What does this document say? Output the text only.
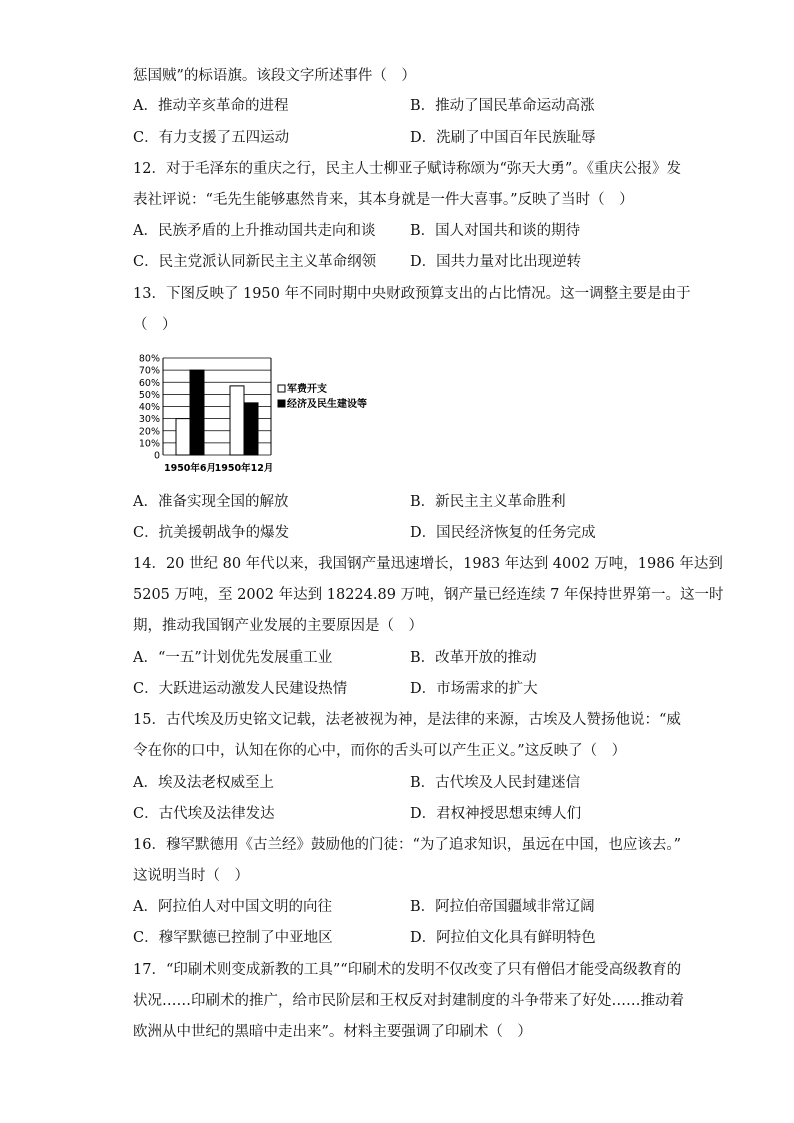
惩国贼”的标语旗。该段文字所述事件（　）
A．推动辛亥革命的进程	B．推动了国民革命运动高涨
C．有力支援了五四运动	D．洗刷了中国百年民族耻辱
12．对于毛泽东的重庆之行，民主人士柳亚子赋诗称颂为“弥天大勇”。《重庆公报》发
表社评说：“毛先生能够惠然肯来，其本身就是一件大喜事。”反映了当时（　）
A．民族矛盾的上升推动国共走向和谈 B．国人对国共和谈的期待
C．民主党派认同新民主主义革命纲领 D．国共力量对比出现逆转
13．下图反映了 1950 年不同时期中央财政预算支出的占比情况。这一调整主要是由于
（　）
0
10%
20%
30%
40%
50%
60%
70%
80%
1950年6月
1950年12月
军费开支
经济及民生建设等
A．准备实现全国的解放	B．新民主主义革命胜利
C．抗美援朝战争的爆发	D．国民经济恢复的任务完成
14．20 世纪 80 年代以来，我国钢产量迅速增长，1983 年达到 4002 万吨，1986 年达到
5205 万吨，至 2002 年达到 18224.89 万吨，钢产量已经连续 7 年保持世界第一。这一时
期，推动我国钢产业发展的主要原因是（　）
A．“一五”计划优先发展重工业	B．改革开放的推动
C．大跃进运动激发人民建设热情	D．市场需求的扩大
15．古代埃及历史铭文记载，法老被视为神，是法律的来源，古埃及人赞扬他说：“威
令在你的口中，认知在你的心中，而你的舌头可以产生正义。”这反映了（　）
A．埃及法老权威至上	B．古代埃及人民封建迷信
C．古代埃及法律发达	D．君权神授思想束缚人们
16．穆罕默德用《古兰经》鼓励他的门徒：“为了追求知识，虽远在中国，也应该去。”
这说明当时（　）
A．阿拉伯人对中国文明的向往	B．阿拉伯帝国疆域非常辽阔
C．穆罕默德已控制了中亚地区	D．阿拉伯文化具有鲜明特色
17．“印刷术则变成新教的工具”“印刷术的发明不仅改变了只有僧侣才能受高级教育的
状况……印刷术的推广，给市民阶层和王权反对封建制度的斗争带来了好处……推动着
欧洲从中世纪的黑暗中走出来”。材料主要强调了印刷术（　）
